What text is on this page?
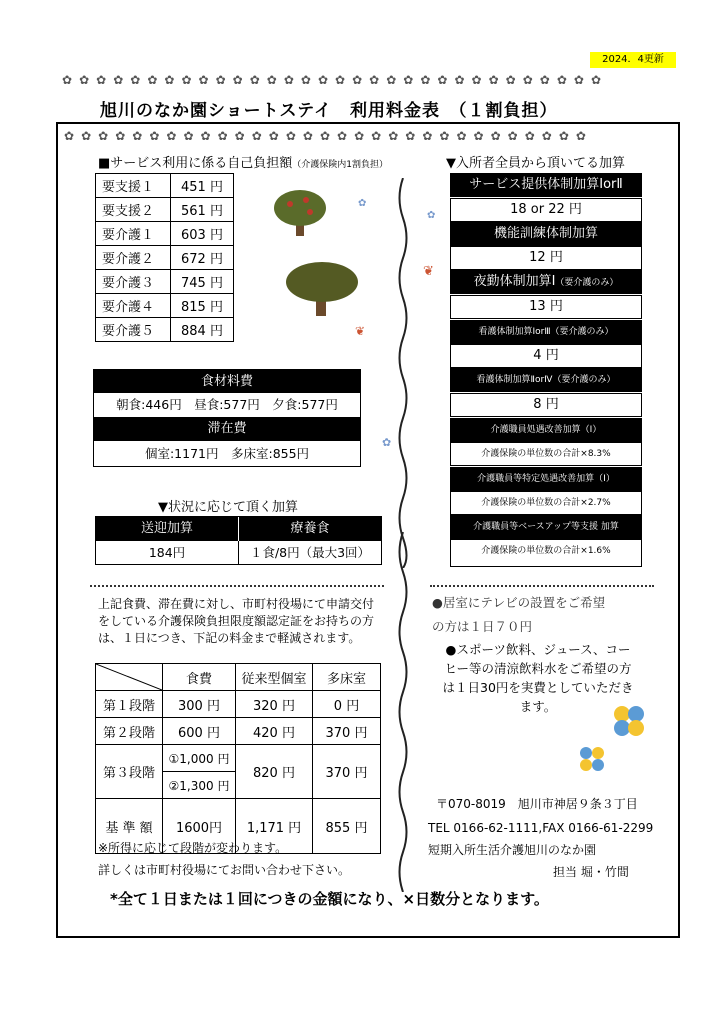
2024．4更新
✿ ✿ ✿ ✿ ✿ ✿ ✿ ✿ ✿ ✿ ✿ ✿ ✿ ✿ ✿ ✿ ✿ ✿ ✿ ✿ ✿ ✿ ✿ ✿ ✿ ✿ ✿ ✿ ✿ ✿ ✿ ✿
旭川のなか園ショートステイ　利用料金表　（１割負担）
✿ ✿ ✿ ✿ ✿ ✿ ✿ ✿ ✿ ✿ ✿ ✿ ✿ ✿ ✿ ✿ ✿ ✿ ✿ ✿ ✿ ✿ ✿ ✿ ✿ ✿ ✿ ✿ ✿ ✿ ✿
■サービス利用に係る自己負担額（介護保険内1割負担）
要支援１	451 円
要支援２	561 円
要介護１	603 円
要介護２	672 円
要介護３	745 円
要介護４	815 円
要介護５	884 円
✿
❦
食材料費
朝食:446円　昼食:577円　夕食:577円
滞在費
個室:1171円　多床室:855円
▼状況に応じて頂く加算
送迎加算	療養食
184円	１食/8円（最大3回）
上記食費、滞在費に対し、市町村役場にて申請交付をしている介護保険負担限度額認定証をお持ちの方は、１日につき、下記の料金まで軽減されます。
	食費	従来型個室	多床室
第１段階	300 円	320 円	0 円
第２段階	600 円	420 円	370 円
第３段階	①1,000 円	820 円	370 円
	②1,300 円		
基 準 額	1600円	1,171 円	855 円
※所得に応じて段階が変わります。
詳しくは市町村役場にてお問い合わせ下さい。
✿
❦
✿
▼入所者全員から頂いてる加算
サービス提供体制加算ⅠorⅡ
18 or 22 円
機能訓練体制加算
12 円
夜勤体制加算Ⅰ（要介護のみ）
13 円
看護体制加算ⅠorⅢ（要介護のみ）
4 円
看護体制加算ⅡorⅣ（要介護のみ）
8 円
介護職員処遇改善加算（Ⅰ）
介護保険の単位数の合計×8.3%
介護職員等特定処遇改善加算（Ⅰ）
介護保険の単位数の合計×2.7%
介護職員等ベースアップ等支援 加算
介護保険の単位数の合計×1.6%
●居室にテレビの設置をご希望
の方は１日７０円
●スポーツ飲料、ジュース、コーヒー等の清涼飲料水をご希望の方は１日30円を実費としていただきます。
〒070-8019　旭川市神居９条３丁目
TEL 0166-62-1111,FAX 0166-61-2299
短期入所生活介護旭川のなか園
担当 堀・竹間
*全て１日または１回につきの金額になり、×日数分となります。
